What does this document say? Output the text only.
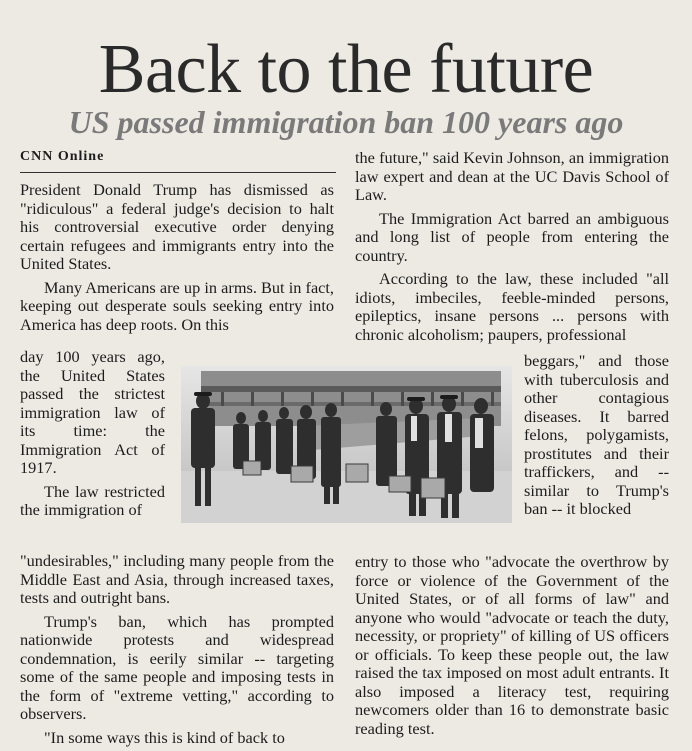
Back to the future
US passed immigration ban 100 years ago
CNN Online

President Donald Trump has dismissed as "ridiculous" a federal judge's decision to halt his controversial executive order denying certain refugees and immigrants entry into the United States.

Many Americans are up in arms. But in fact, keeping out desperate souls seeking entry into America has deep roots. On this

day 100 years ago, the United States passed the strictest immigration law of its time: the Immigration Act of 1917.

The law restricted the immigration of

"undesirables," including many people from the Middle East and Asia, through increased taxes, tests and outright bans.

Trump's ban, which has prompted nationwide protests and widespread condemnation, is eerily similar -- targeting some of the same people and imposing tests in the form of "extreme vetting," according to observers.

"In some ways this is kind of back to

the future," said Kevin Johnson, an immigration law expert and dean at the UC Davis School of Law.

The Immigration Act barred an ambiguous and long list of people from entering the country.

According to the law, these included "all idiots, imbeciles, feeble-minded persons, epileptics, insane persons ... persons with chronic alcoholism; paupers, professional

beggars," and those with tuberculosis and other contagious diseases. It barred felons, polygamists, prostitutes and their traffickers, and -- similar to Trump's ban -- it blocked

entry to those who "advocate the overthrow by force or violence of the Government of the United States, or of all forms of law" and anyone who would "advocate or teach the duty, necessity, or propriety" of killing of US officers or officials. To keep these people out, the law raised the tax imposed on most adult entrants. It also imposed a literacy test, requiring newcomers older than 16 to demonstrate basic reading test.
